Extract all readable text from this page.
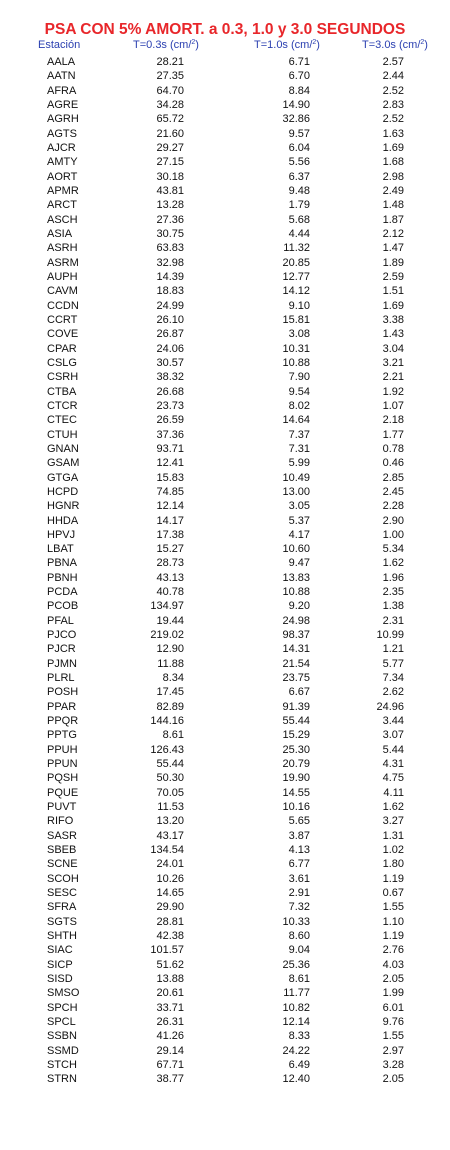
PSA CON 5% AMORT. a 0.3, 1.0 y 3.0 SEGUNDOS
Estación	T=0.3s (cm/$^2$)	T=1.0s (cm/$^2$)	T=3.0s (cm/$^2$)
AALA	28.21	6.71	2.57
AATN	27.35	6.70	2.44
AFRA	64.70	8.84	2.52
AGRE	34.28	14.90	2.83
AGRH	65.72	32.86	2.52
AGTS	21.60	9.57	1.63
AJCR	29.27	6.04	1.69
AMTY	27.15	5.56	1.68
AORT	30.18	6.37	2.98
APMR	43.81	9.48	2.49
ARCT	13.28	1.79	1.48
ASCH	27.36	5.68	1.87
ASIA	30.75	4.44	2.12
ASRH	63.83	11.32	1.47
ASRM	32.98	20.85	1.89
AUPH	14.39	12.77	2.59
CAVM	18.83	14.12	1.51
CCDN	24.99	9.10	1.69
CCRT	26.10	15.81	3.38
COVE	26.87	3.08	1.43
CPAR	24.06	10.31	3.04
CSLG	30.57	10.88	3.21
CSRH	38.32	7.90	2.21
CTBA	26.68	9.54	1.92
CTCR	23.73	8.02	1.07
CTEC	26.59	14.64	2.18
CTUH	37.36	7.37	1.77
GNAN	93.71	7.31	0.78
GSAM	12.41	5.99	0.46
GTGA	15.83	10.49	2.85
HCPD	74.85	13.00	2.45
HGNR	12.14	3.05	2.28
HHDA	14.17	5.37	2.90
HPVJ	17.38	4.17	1.00
LBAT	15.27	10.60	5.34
PBNA	28.73	9.47	1.62
PBNH	43.13	13.83	1.96
PCDA	40.78	10.88	2.35
PCOB	134.97	9.20	1.38
PFAL	19.44	24.98	2.31
PJCO	219.02	98.37	10.99
PJCR	12.90	14.31	1.21
PJMN	11.88	21.54	5.77
PLRL	8.34	23.75	7.34
POSH	17.45	6.67	2.62
PPAR	82.89	91.39	24.96
PPQR	144.16	55.44	3.44
PPTG	8.61	15.29	3.07
PPUH	126.43	25.30	5.44
PPUN	55.44	20.79	4.31
PQSH	50.30	19.90	4.75
PQUE	70.05	14.55	4.11
PUVT	11.53	10.16	1.62
RIFO	13.20	5.65	3.27
SASR	43.17	3.87	1.31
SBEB	134.54	4.13	1.02
SCNE	24.01	6.77	1.80
SCOH	10.26	3.61	1.19
SESC	14.65	2.91	0.67
SFRA	29.90	7.32	1.55
SGTS	28.81	10.33	1.10
SHTH	42.38	8.60	1.19
SIAC	101.57	9.04	2.76
SICP	51.62	25.36	4.03
SISD	13.88	8.61	2.05
SMSO	20.61	11.77	1.99
SPCH	33.71	10.82	6.01
SPCL	26.31	12.14	9.76
SSBN	41.26	8.33	1.55
SSMD	29.14	24.22	2.97
STCH	67.71	6.49	3.28
STRN	38.77	12.40	2.05
